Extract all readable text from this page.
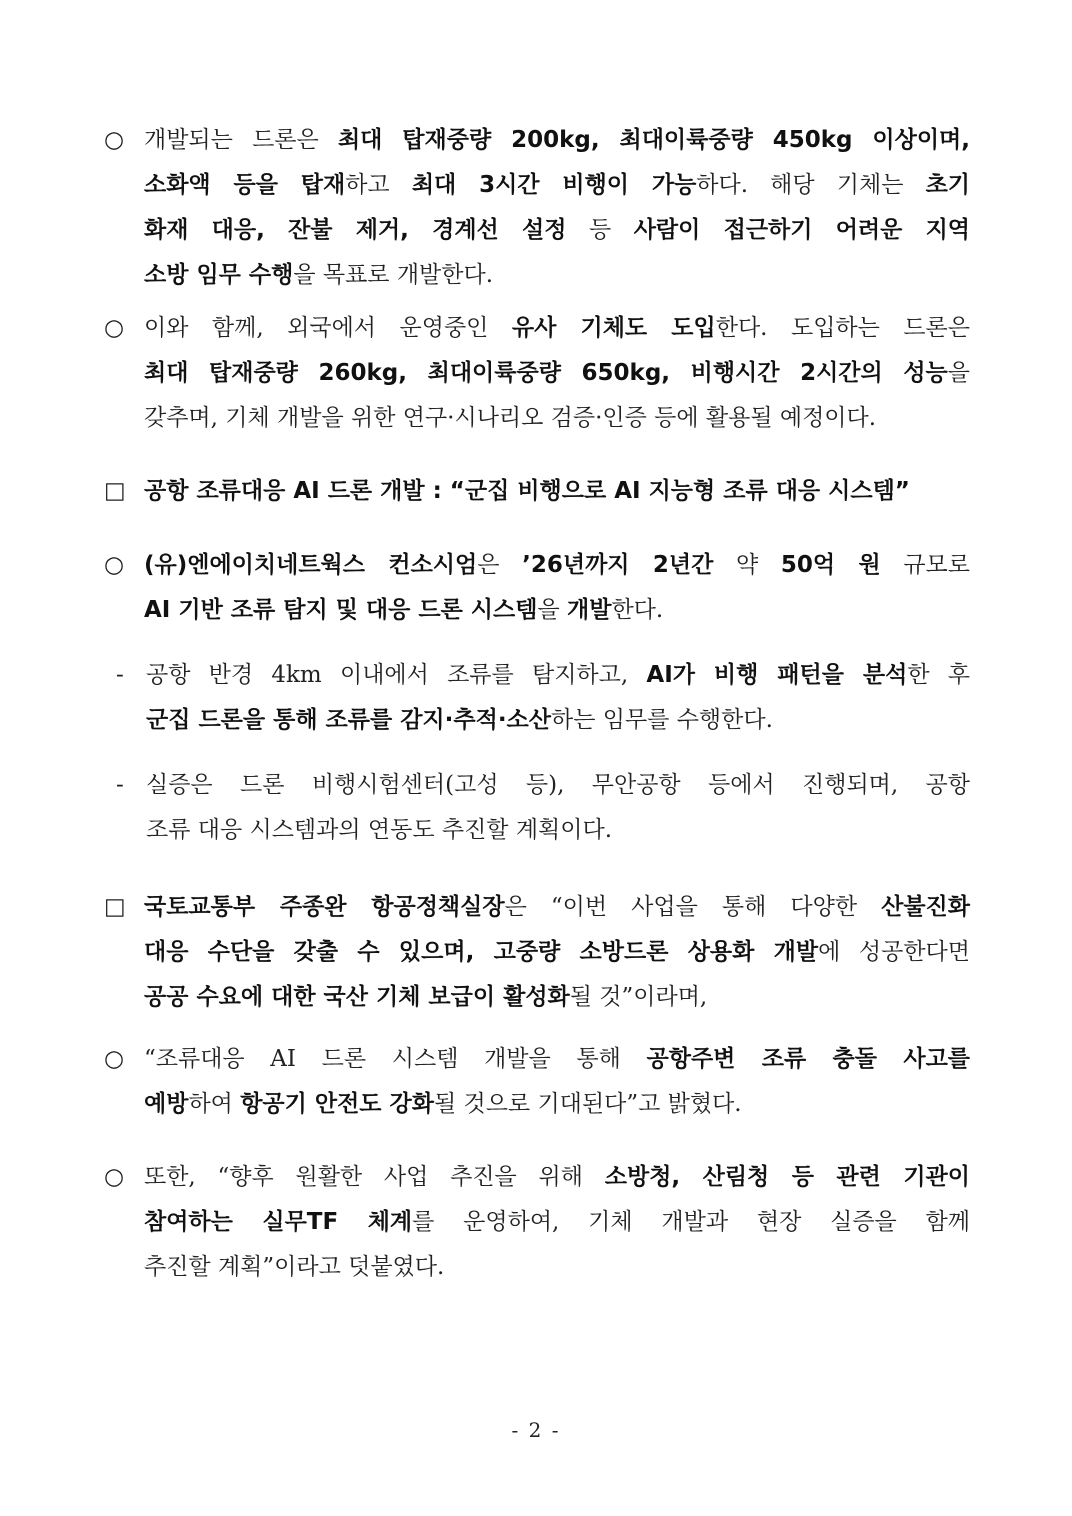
○ 개발되는 드론은 최대 탑재중량 200kg, 최대이륙중량 450kg 이상이며,
소화액 등을 탑재하고 최대 3시간 비행이 가능하다. 해당 기체는 초기
화재 대응, 잔불 제거, 경계선 설정 등 사람이 접근하기 어려운 지역
소방 임무 수행을 목표로 개발한다.
○ 이와 함께, 외국에서 운영중인 유사 기체도 도입한다. 도입하는 드론은
최대 탑재중량 260kg, 최대이륙중량 650kg, 비행시간 2시간의 성능을
갖추며, 기체 개발을 위한 연구·시나리오 검증·인증 등에 활용될 예정이다.
□ 공항 조류대응 AI 드론 개발 : “군집 비행으로 AI 지능형 조류 대응 시스템”
○ (유)엔에이치네트웍스 컨소시엄은 ’26년까지 2년간 약 50억 원 규모로
AI 기반 조류 탐지 및 대응 드론 시스템을 개발한다.
- 공항 반경 4km 이내에서 조류를 탐지하고, AI가 비행 패턴을 분석한 후
군집 드론을 통해 조류를 감지·추적·소산하는 임무를 수행한다.
- 실증은 드론 비행시험센터(고성 등), 무안공항 등에서 진행되며, 공항
조류 대응 시스템과의 연동도 추진할 계획이다.
□ 국토교통부 주종완 항공정책실장은 “이번 사업을 통해 다양한 산불진화
대응 수단을 갖출 수 있으며, 고중량 소방드론 상용화 개발에 성공한다면
공공 수요에 대한 국산 기체 보급이 활성화될 것”이라며,
○ “조류대응 AI 드론 시스템 개발을 통해 공항주변 조류 충돌 사고를
예방하여 항공기 안전도 강화될 것으로 기대된다”고 밝혔다.
○ 또한, “향후 원활한 사업 추진을 위해 소방청, 산림청 등 관련 기관이
참여하는 실무TF 체계를 운영하여, 기체 개발과 현장 실증을 함께
추진할 계획”이라고 덧붙였다.
- 2 -
